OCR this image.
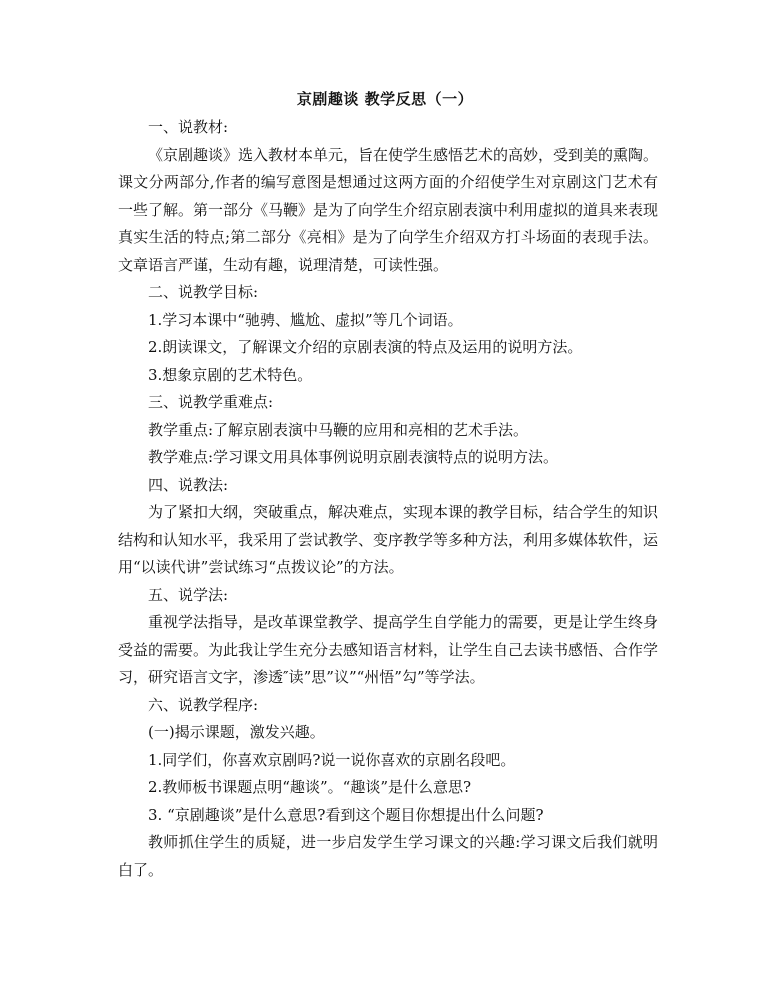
京剧趣谈 教学反思（一）

一、说教材:

《京剧趣谈》选入教材本单元，旨在使学生感悟艺术的高妙，受到美的熏陶。课文分两部分,作者的编写意图是想通过这两方面的介绍使学生对京剧这门艺术有一些了解。第一部分《马鞭》是为了向学生介绍京剧表演中利用虚拟的道具来表现真实生活的特点;第二部分《亮相》是为了向学生介绍双方打斗场面的表现手法。文章语言严谨，生动有趣，说理清楚，可读性强。

二、说教学目标:

1.学习本课中“驰骋、尴尬、虚拟”等几个词语。

2.朗读课文，了解课文介绍的京剧表演的特点及运用的说明方法。

3.想象京剧的艺术特色。

三、说教学重难点:

教学重点:了解京剧表演中马鞭的应用和亮相的艺术手法。

教学难点:学习课文用具体事例说明京剧表演特点的说明方法。

四、说教法:

为了紧扣大纲，突破重点，解决难点，实现本课的教学目标，结合学生的知识结构和认知水平，我采用了尝试教学、变序教学等多种方法，利用多媒体软件，运用“以读代讲”尝试练习“点拨议论”的方法。

五、说学法:

重视学法指导，是改革课堂教学、提高学生自学能力的需要，更是让学生终身受益的需要。为此我让学生充分去感知语言材料，让学生自己去读书感悟、合作学习，研究语言文字，渗透″读”思”议”“州悟”勾”等学法。

六、说教学程序:

(一)揭示课题，激发兴趣。

1.同学们，你喜欢京剧吗?说一说你喜欢的京剧名段吧。

2.教师板书课题点明“趣谈”。“趣谈”是什么意思?

3. “京剧趣谈”是什么意思?看到这个题目你想提出什么问题?

教师抓住学生的质疑，进一步启发学生学习课文的兴趣:学习课文后我们就明白了。
